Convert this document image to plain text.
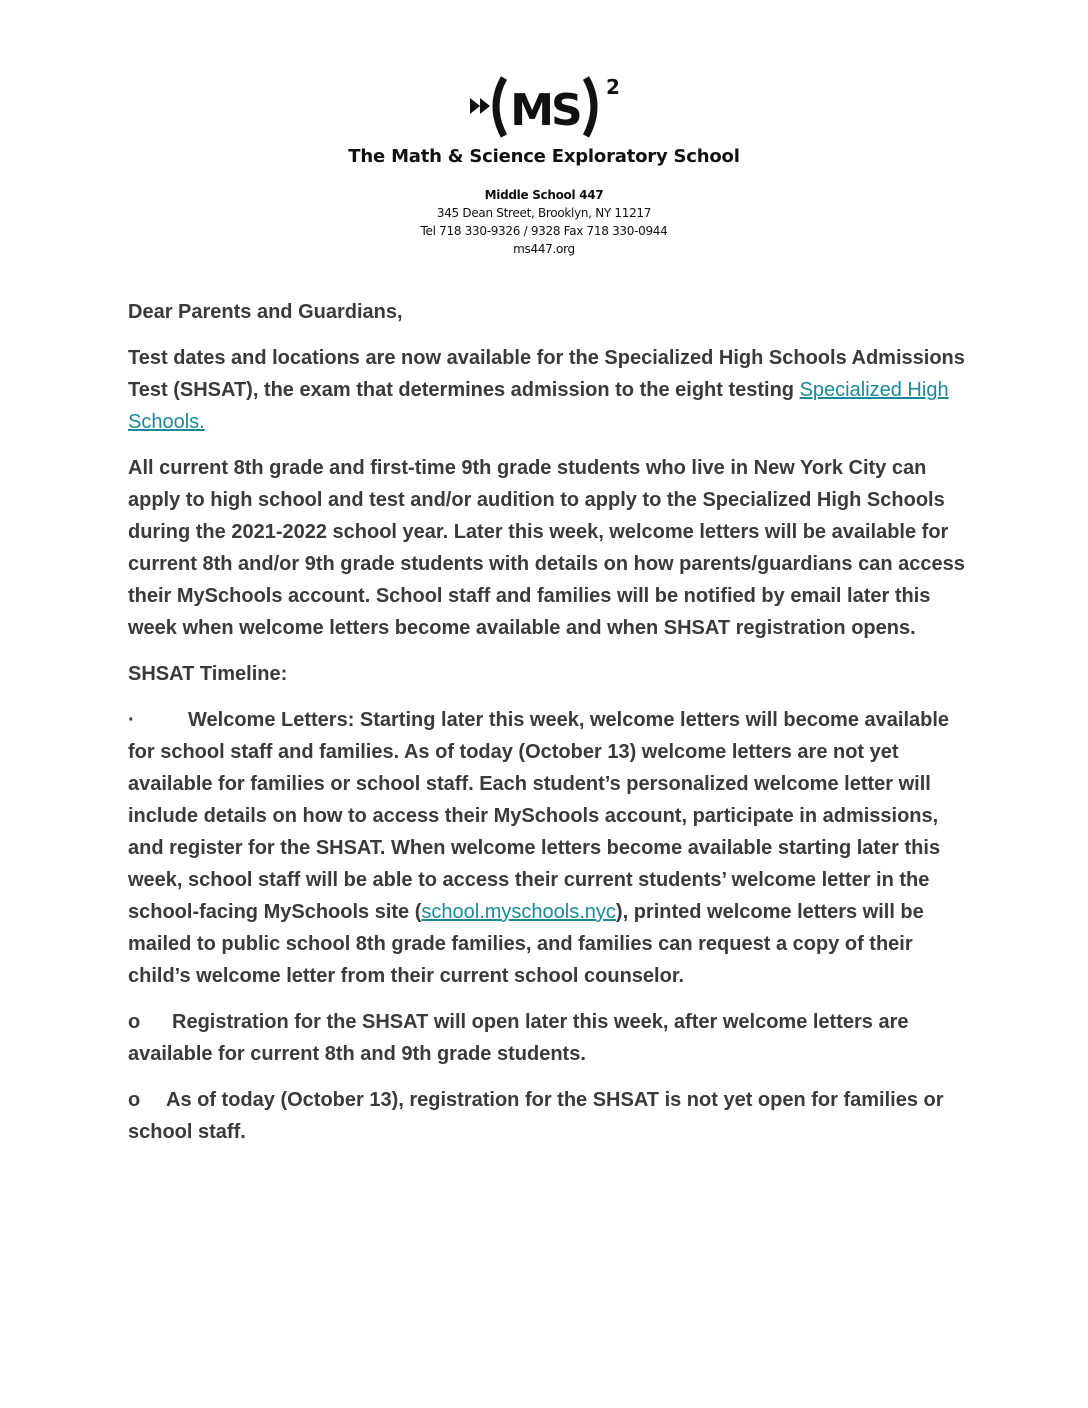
MS 2
The Math & Science Exploratory School
Middle School 447
345 Dean Street, Brooklyn, NY 11217
Tel 718 330-9326 / 9328 Fax 718 330-0944
ms447.org

Dear Parents and Guardians,

Test dates and locations are now available for the Specialized High Schools Admissions Test (SHSAT), the exam that determines admission to the eight testing Specialized High Schools.

All current 8th grade and first-time 9th grade students who live in New York City can apply to high school and test and/or audition to apply to the Specialized High Schools during the 2021-2022 school year. Later this week, welcome letters will be available for current 8th and/or 9th grade students with details on how parents/guardians can access their MySchools account. School staff and families will be notified by email later this week when welcome letters become available and when SHSAT registration opens.

SHSAT Timeline:

·	Welcome Letters: Starting later this week, welcome letters will become available for school staff and families. As of today (October 13) welcome letters are not yet available for families or school staff. Each student’s personalized welcome letter will include details on how to access their MySchools account, participate in admissions, and register for the SHSAT. When welcome letters become available starting later this week, school staff will be able to access their current students’ welcome letter in the school-facing MySchools site (school.myschools.nyc), printed welcome letters will be mailed to public school 8th grade families, and families can request a copy of their child’s welcome letter from their current school counselor.

o Registration for the SHSAT will open later this week, after welcome letters are available for current 8th and 9th grade students.

o As of today (October 13), registration for the SHSAT is not yet open for families or school staff.
